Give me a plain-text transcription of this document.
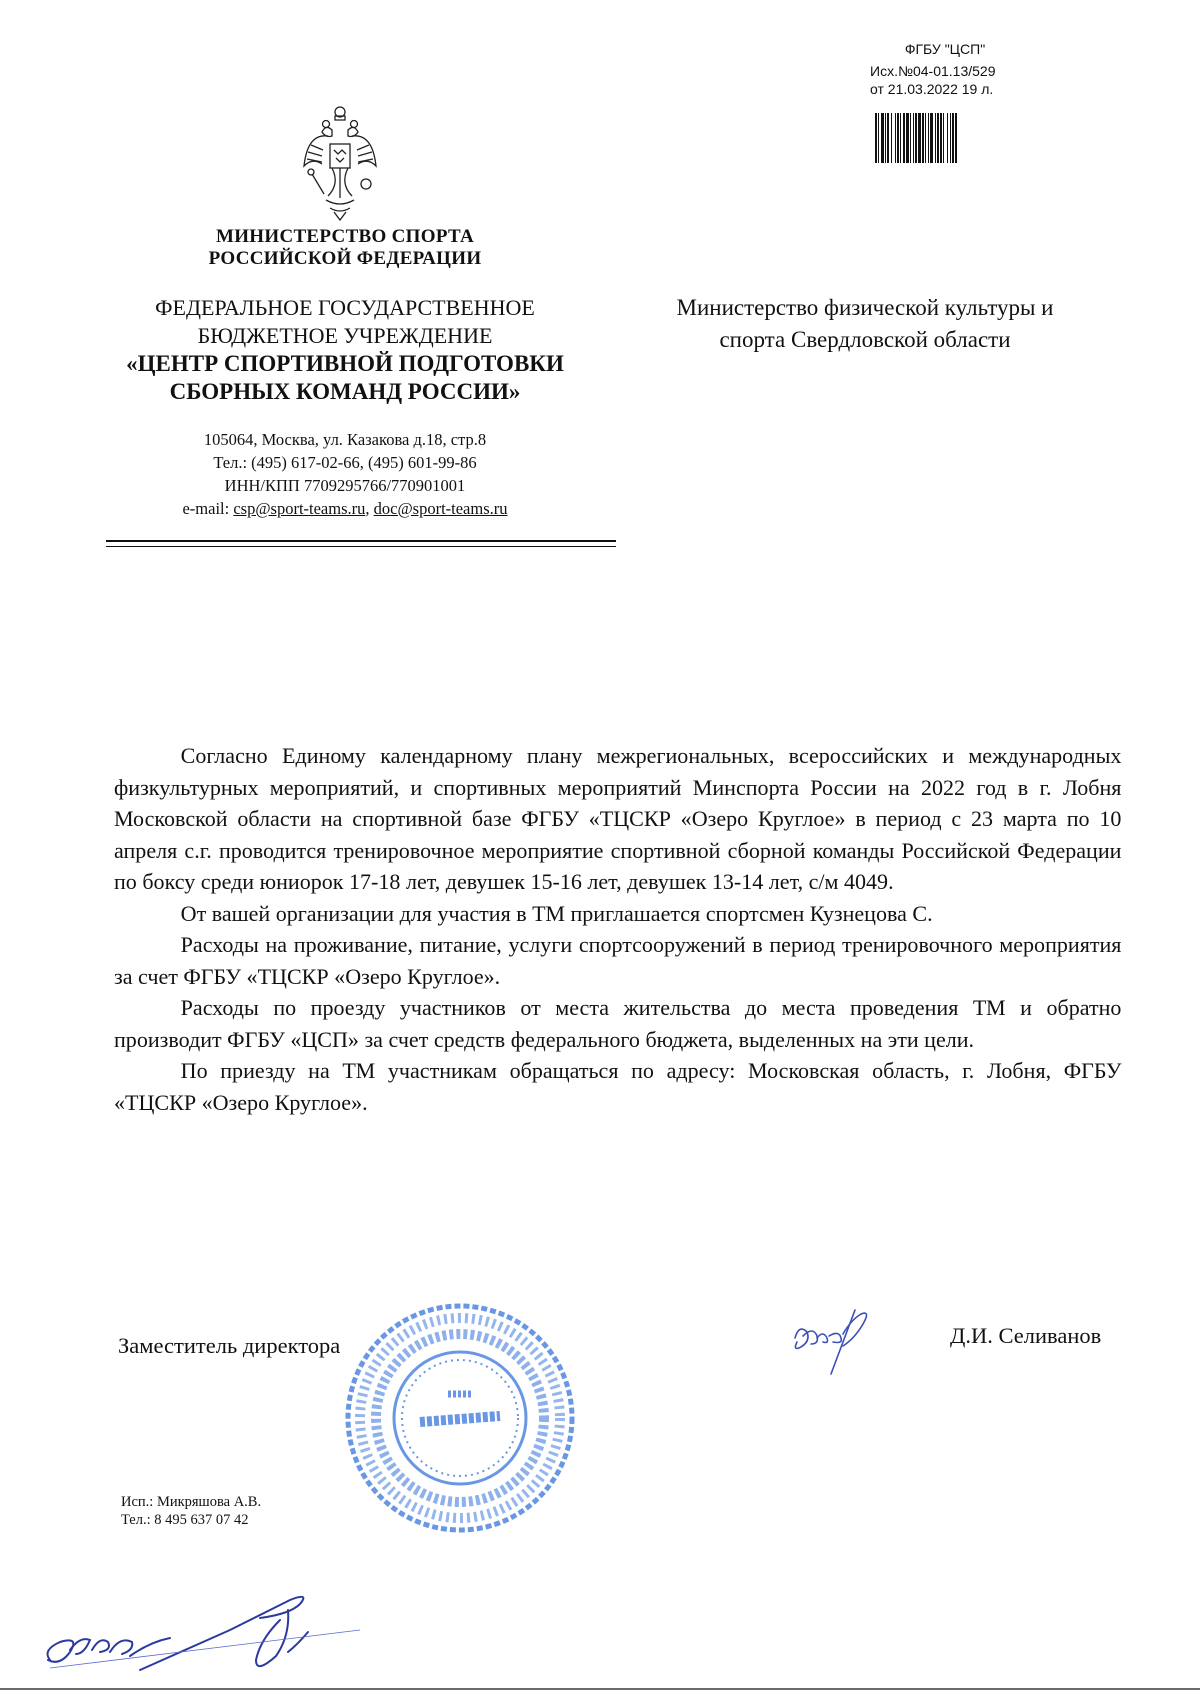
ФГБУ "ЦСП"
Исх.№04-01.13/529
от 21.03.2022 19 л.
МИНИСТЕРСТВО СПОРТА
РОССИЙСКОЙ ФЕДЕРАЦИИ
ФЕДЕРАЛЬНОЕ ГОСУДАРСТВЕННОЕ
БЮДЖЕТНОЕ УЧРЕЖДЕНИЕ
«ЦЕНТР СПОРТИВНОЙ ПОДГОТОВКИ
СБОРНЫХ КОМАНД РОССИИ»
105064, Москва, ул. Казакова д.18, стр.8
Тел.: (495) 617-02-66, (495) 601-99-86
ИНН/КПП 7709295766/770901001
e-mail: csp@sport-teams.ru, doc@sport-teams.ru
Министерство физической культуры и
спорта Свердловской области

Согласно Единому календарному плану межрегиональных, всероссийских и международных физкультурных мероприятий, и спортивных мероприятий Минспорта России на 2022 год в г. Лобня Московской области на спортивной базе ФГБУ «ТЦСКР «Озеро Круглое» в период с 23 марта по 10 апреля с.г. проводится тренировочное мероприятие спортивной сборной команды Российской Федерации по боксу среди юниорок 17-18 лет, девушек 15-16 лет, девушек 13-14 лет, с/м 4049.

От вашей организации для участия в ТМ приглашается спортсмен Кузнецова С.

Расходы на проживание, питание, услуги спортсооружений в период тренировочного мероприятия за счет ФГБУ «ТЦСКР «Озеро Круглое».

Расходы по проезду участников от места жительства до места проведения ТМ и обратно производит ФГБУ «ЦСП» за счет средств федерального бюджета, выделенных на эти цели.

По приезду на ТМ участникам обращаться по адресу: Московская область, г. Лобня, ФГБУ «ТЦСКР «Озеро Круглое».

Заместитель директора	Д.И. Селиванов
Исп.: Микряшова А.В.
Тел.: 8 495 637 07 42
